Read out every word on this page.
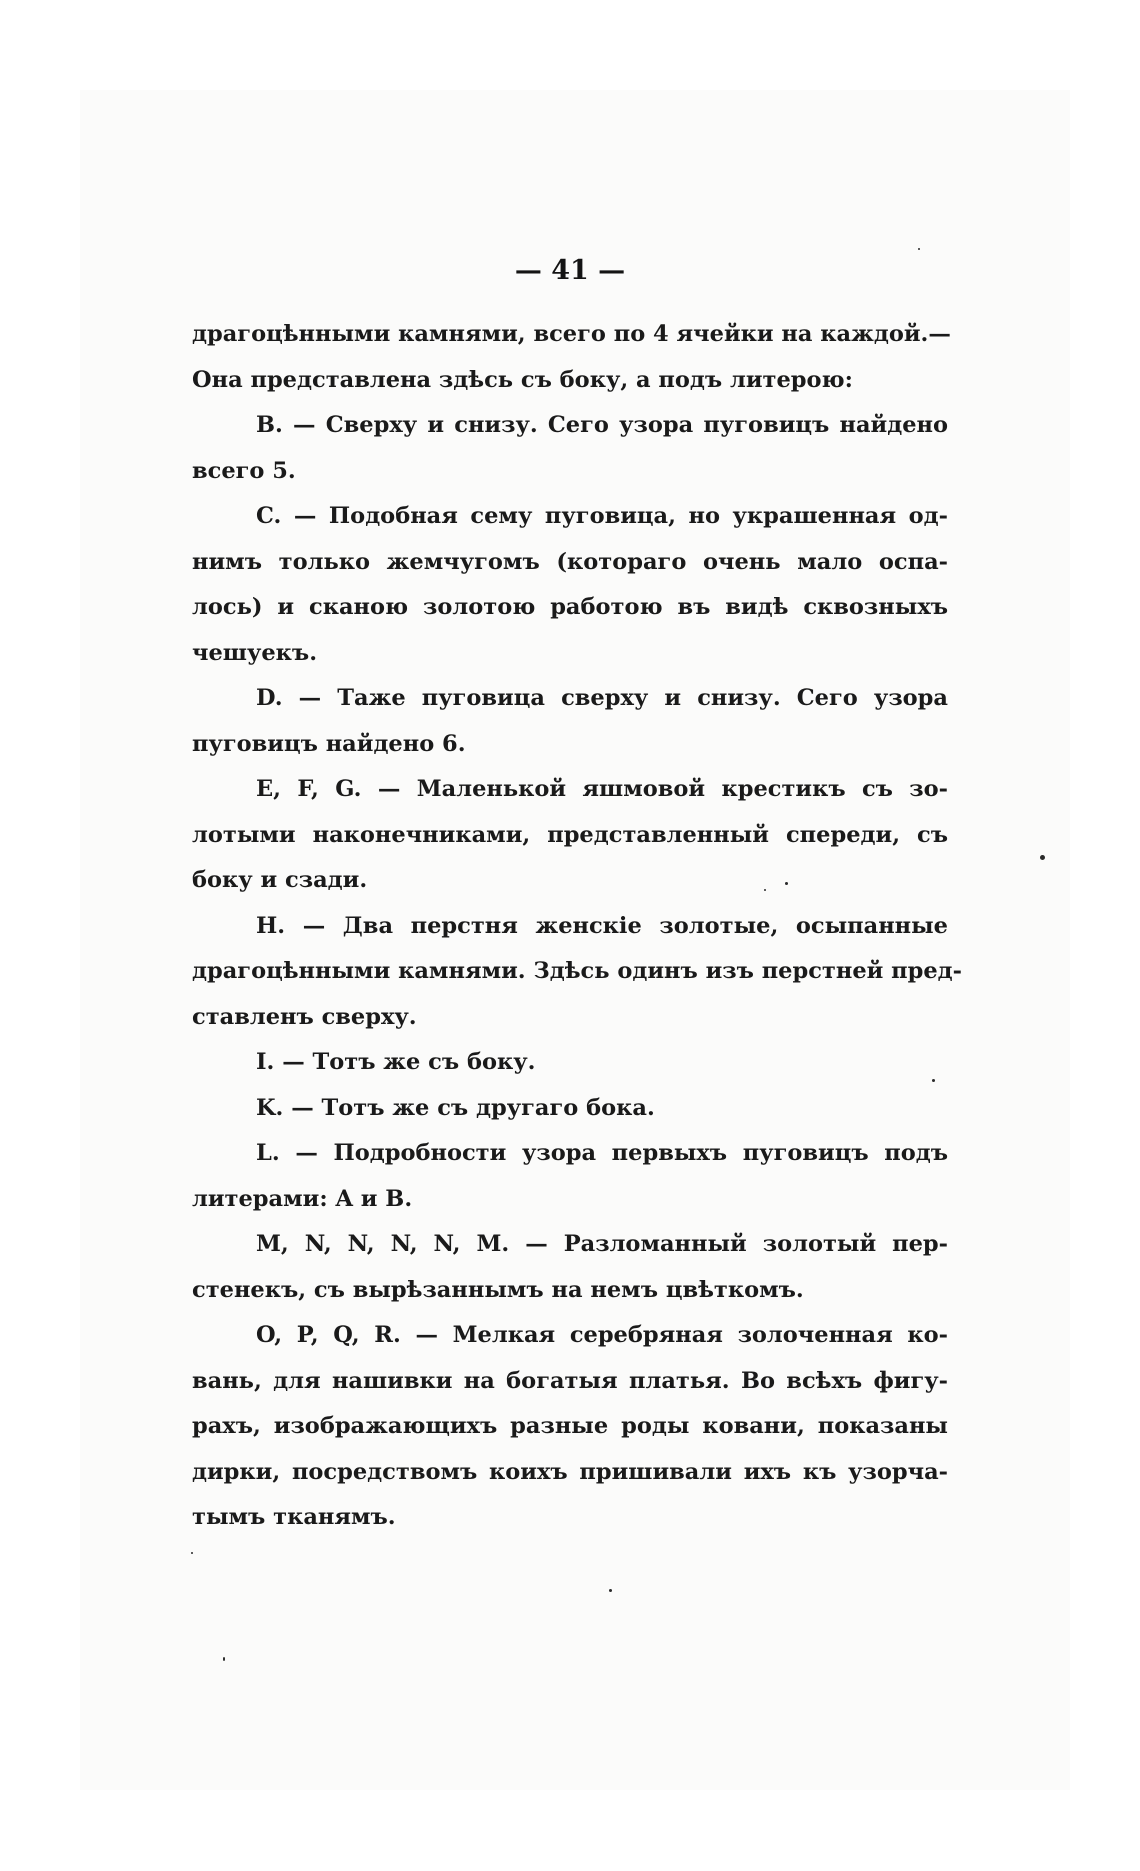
— 41 —
драгоцѣнными камнями, всего по 4 ячейки на каждой.—
Она представлена здѣсь съ боку, а подъ литерою:
B. — Сверху и снизу. Сего узора пуговицъ найдено
всего 5.
C. — Подобная сему пуговица, но украшенная од-
нимъ только жемчугомъ (котораго очень мало оспа-
лось) и сканою золотою работою въ видѣ сквозныхъ
чешуекъ.
D. — Таже пуговица сверху и снизу. Сего узора
пуговицъ найдено 6.
E, F, G. — Маленькой яшмовой крестикъ съ зо-
лотыми наконечниками, представленный спереди, съ
боку и сзади.
H. — Два перстня женскіе золотые, осыпанные
драгоцѣнными камнями. Здѣсь одинъ изъ перстней пред-
ставленъ сверху.
I. — Тотъ же съ боку.
K. — Тотъ же съ другаго бока.
L. — Подробности узора первыхъ пуговицъ подъ
литерами: A и B.
M, N, N, N, N, M. — Разломанный золотый пер-
стенекъ, съ вырѣзаннымъ на немъ цвѣткомъ.
O, P, Q, R. — Мелкая серебряная золоченная ко-
вань, для нашивки на богатыя платья. Во всѣхъ фигу-
рахъ, изображающихъ разные роды ковани, показаны
дирки, посредствомъ коихъ пришивали ихъ къ узорча-
тымъ тканямъ.
